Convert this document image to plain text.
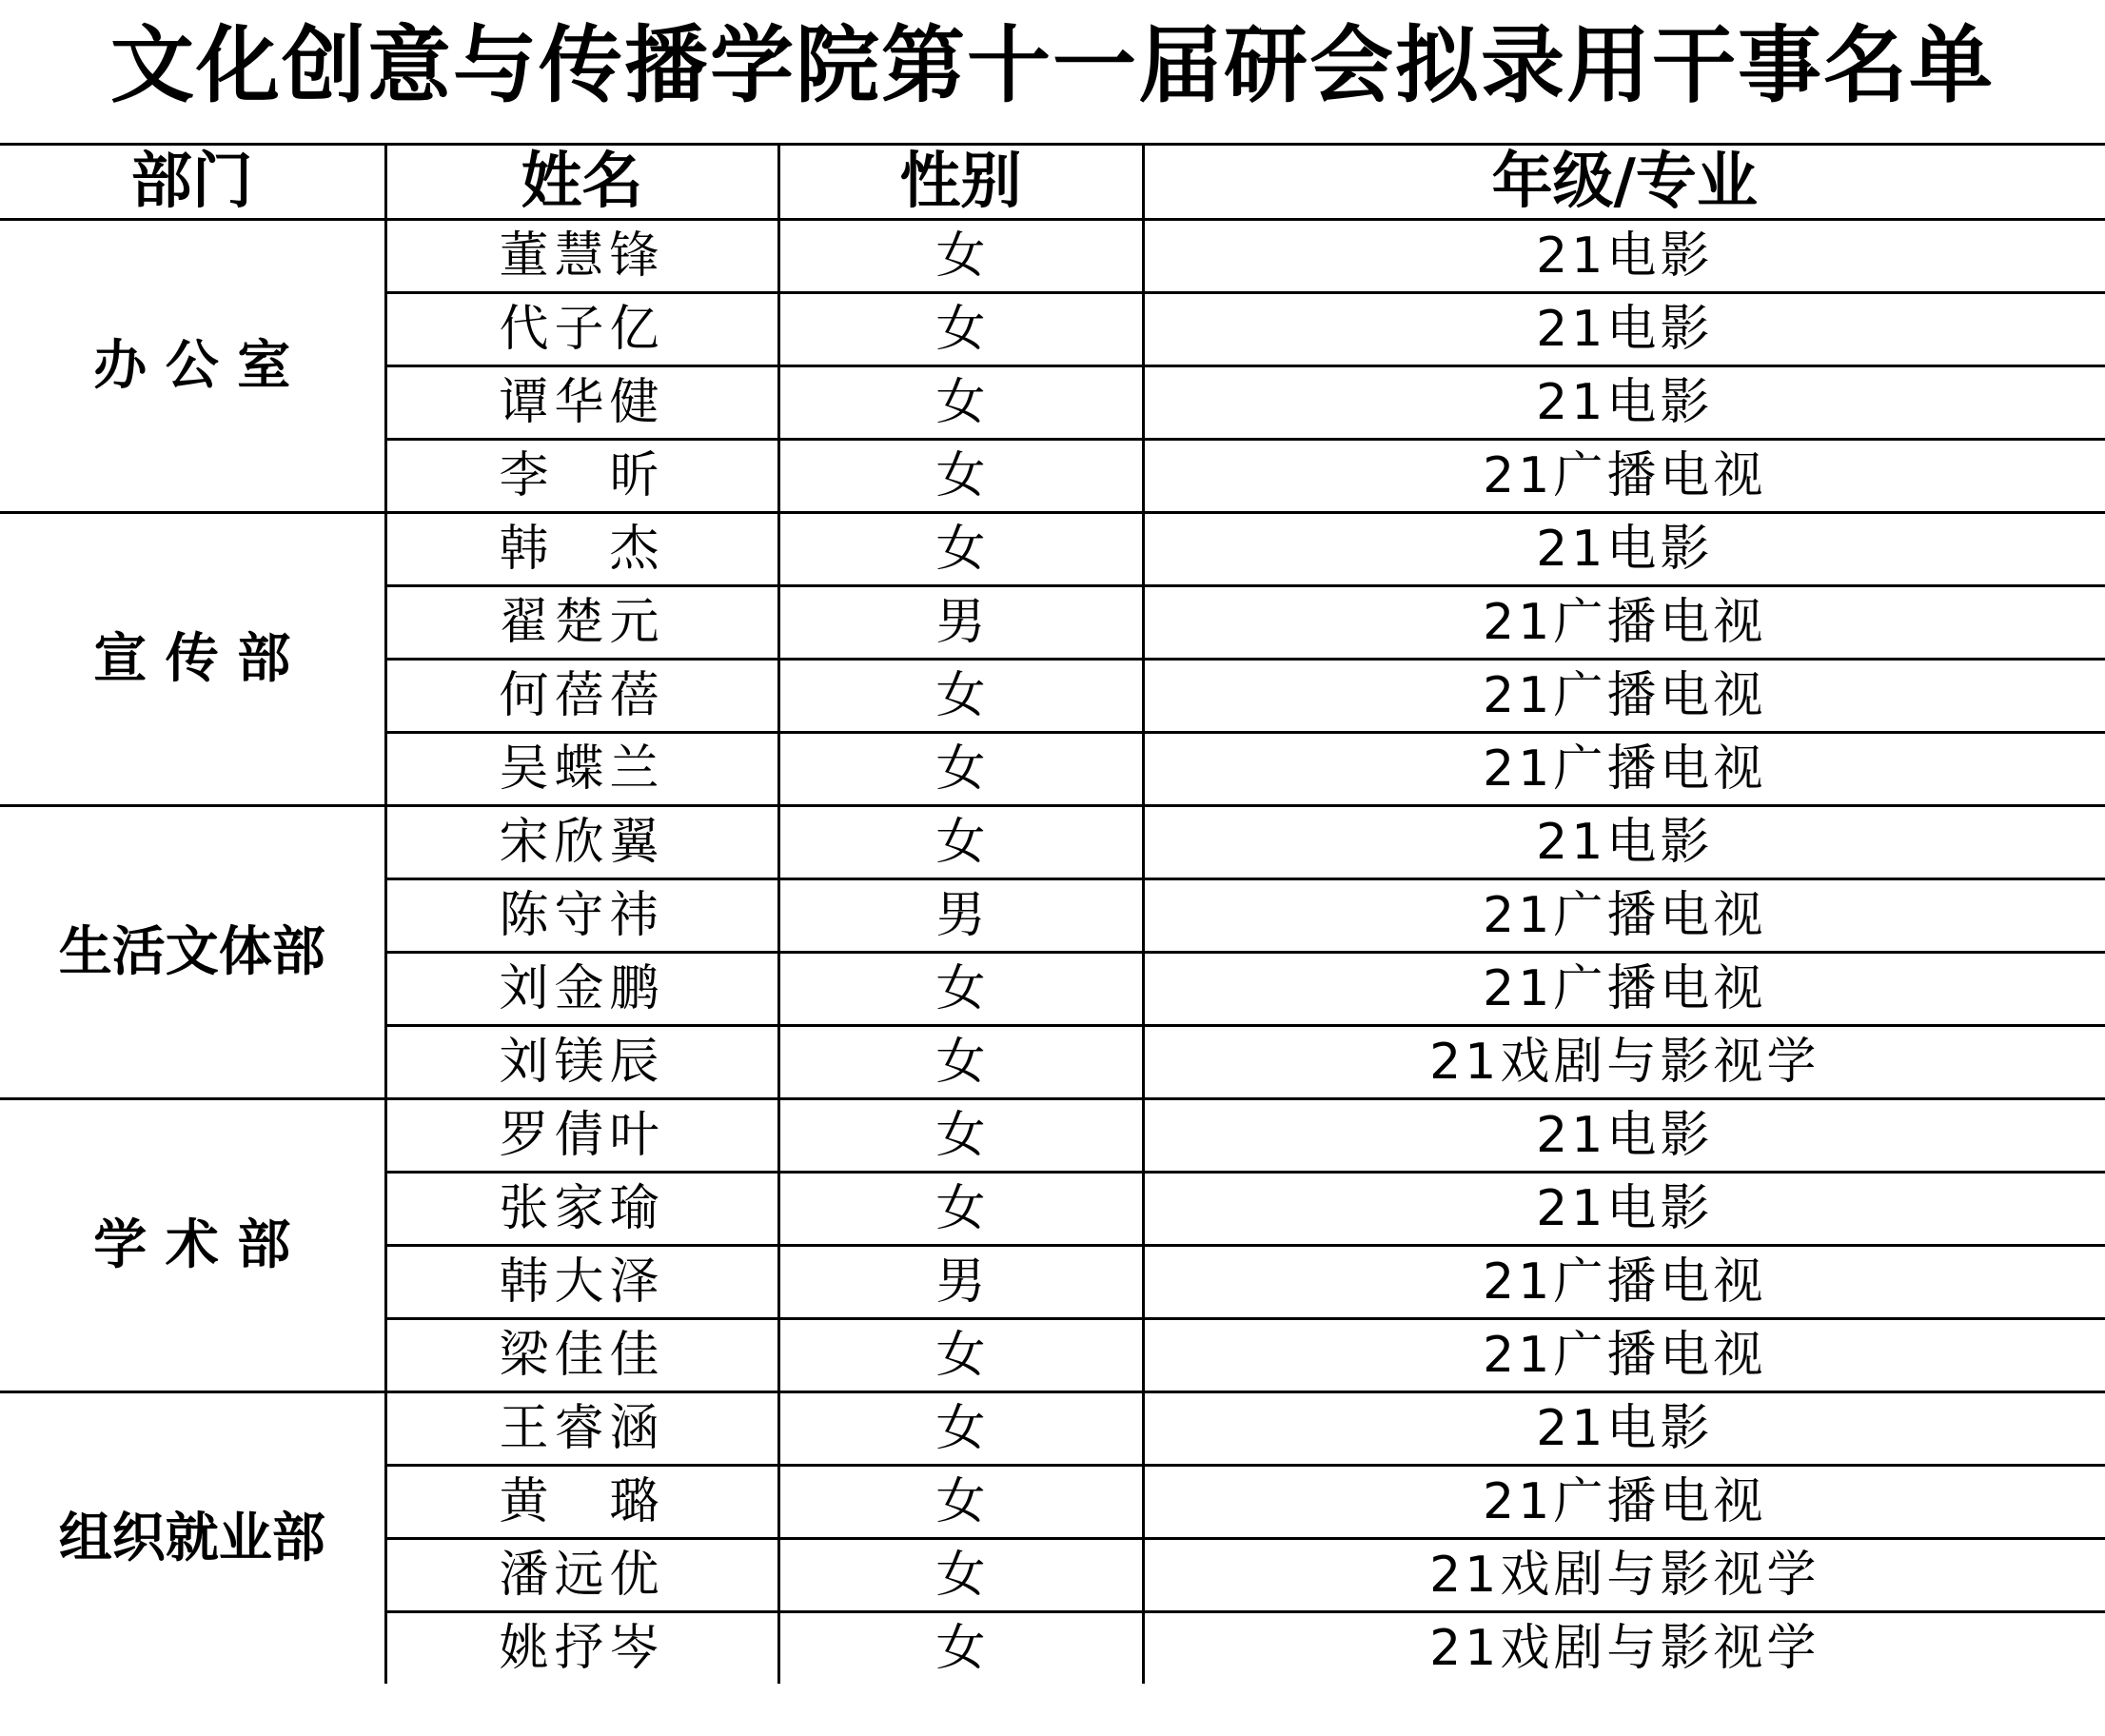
文化创意与传播学院第十一届研会拟录用干事名单
部门	姓名	性别	年级/专业
办 公 室	董慧锋	女	21电影
	代子亿	女	21电影
	谭华健	女	21电影
	李　昕	女	21广播电视
宣 传 部	韩　杰	女	21电影
	翟楚元	男	21广播电视
	何蓓蓓	女	21广播电视
	吴蝶兰	女	21广播电视
生活文体部	宋欣翼	女	21电影
	陈守祎	男	21广播电视
	刘金鹏	女	21广播电视
	刘镁辰	女	21戏剧与影视学
学 术 部	罗倩叶	女	21电影
	张家瑜	女	21电影
	韩大泽	男	21广播电视
	梁佳佳	女	21广播电视
组织就业部	王睿涵	女	21电影
	黄　璐	女	21广播电视
	潘远优	女	21戏剧与影视学
	姚抒岑	女	21戏剧与影视学
